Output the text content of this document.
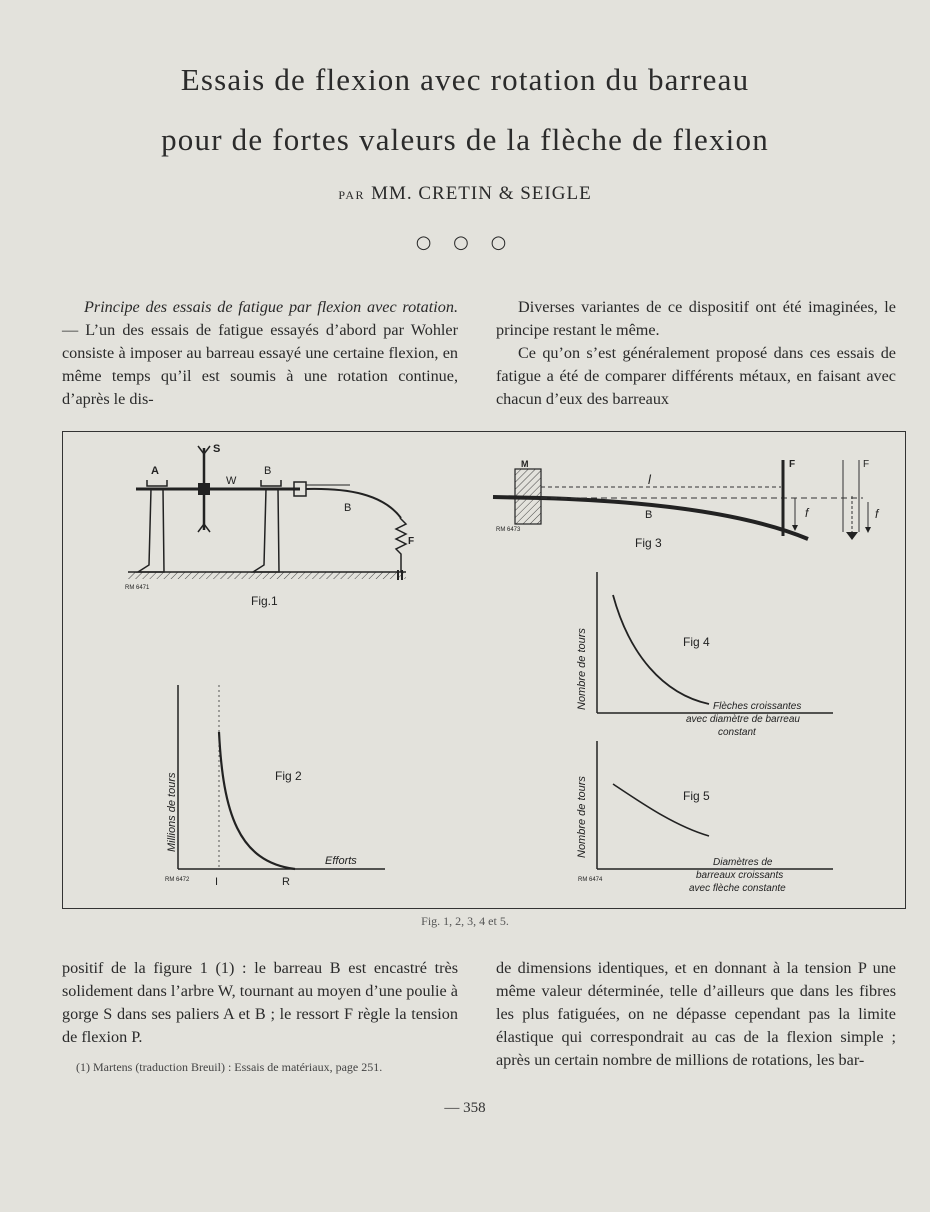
Essais de flexion avec rotation du barreau
pour de fortes valeurs de la flèche de flexion
PAR MM. CRETIN & SEIGLE
○ ○ ○

Principe des essais de fatigue par flexion avec rotation. — L’un des essais de fatigue essayés d’abord par Wohler consiste à imposer au barreau essayé une certaine flexion, en même temps qu’il est soumis à une rotation continue, d’après le dis-

Diverses variantes de ce dispositif ont été imaginées, le principe restant le même.

Ce qu’on s’est généralement proposé dans ces essais de fatigue a été de comparer différents métaux, en faisant avec chacun d’eux des barreaux

A
S
W
B
B
F
RM 6471
Fig.1
M
l
B
F	F
f	f
RM 6473
Fig 3
Millions de tours
Efforts
I	R
Fig 2
RM 6472
Nombre de tours	Fig 4
Flèches croissantes
avec diamètre de barreau
constant
Nombre de tours	Fig 5
Diamètres de
barreaux croissants
avec flèche constante
RM 6474
Fig. 1, 2, 3, 4 et 5.

positif de la figure 1 (1) : le barreau B est encastré très solidement dans l’arbre W, tournant au moyen d’une poulie à gorge S dans ses paliers A et B ; le ressort F règle la tension de flexion P.

(1) Martens (traduction Breuil) : Essais de matériaux, page 251.

de dimensions identiques, et en donnant à la tension P une même valeur déterminée, telle d’ailleurs que dans les fibres les plus fatiguées, on ne dépasse cependant pas la limite élastique qui correspondrait au cas de la flexion simple ; après un certain nombre de millions de rotations, les bar-

— 358
